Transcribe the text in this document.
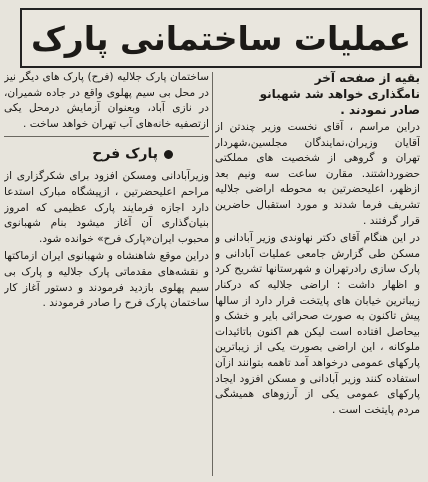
عملیات ساختمانی پارک

بقیه از صفحه آخر

نامگذاری خواهد شد شهبانو

صادر نمودند .

دراین مراسم ، آقای نخست وزیر چندتن از آقایان وزیران،نمایندگان مجلسین،شهردار تهران و گروهی از شخصیت های مملکتی حضورداشتند. مقارن ساعت سه ونیم بعد ازظهر، اعلیحضرتین به محوطه اراضی جلالیه تشریف فرما شدند و مورد استقبال حاضرین قرار گرفتند .

در این هنگام آقای دکتر نهاوندی وزیر آبادانی و مسکن طی گزارش جامعی عملیات آبادانی و پارک سازی رادرتهران و شهرستانها تشریح کرد و اظهار داشت : اراضی جلالیه که درکنار زیباترین خیابان های پایتخت قرار دارد از سالها پیش تاکنون به صورت صحرائی بایر و خشک و بیحاصل افتاده است لیکن هم اکنون باتائیدات ملوکانه ، این اراضی بصورت یکی از زیباترین پارکهای عمومی درخواهد آمد تاهمه بتوانند ازآن استفاده کنند وزیر آبادانی و مسکن افزود ایجاد پارکهای عمومی یکی از آرزوهای همیشگی مردم پایتخت است .

ساختمان پارک جلالیه (فرح) پارک های دیگر نیز در محل بی سیم پهلوی واقع در جاده شمیران، در نازی آباد، وبعنوان آزمایش درمحل یکی ازتصفیه خانه‌های آب تهران خواهد ساخت .

پارک فرح

وزیرآبادانی ومسکن افزود برای شکرگزاری از مراحم اعلیحضرتین ، ازپیشگاه مبارک استدعا دارد اجازه فرمایند پارک عظیمی که امروز بنیان‌گذاری آن آغاز میشود بنام شهبانوی محبوب ایران«پارک فرح» خوانده شود.

دراین موقع شاهنشاه و شهبانوی ایران ازماکتها و نقشه‌های مقدماتی پارک جلالیه و پارک بی سیم پهلوی بازدید فرمودند و دستور آغاز کار ساختمان پارک فرح را صادر فرمودند .
